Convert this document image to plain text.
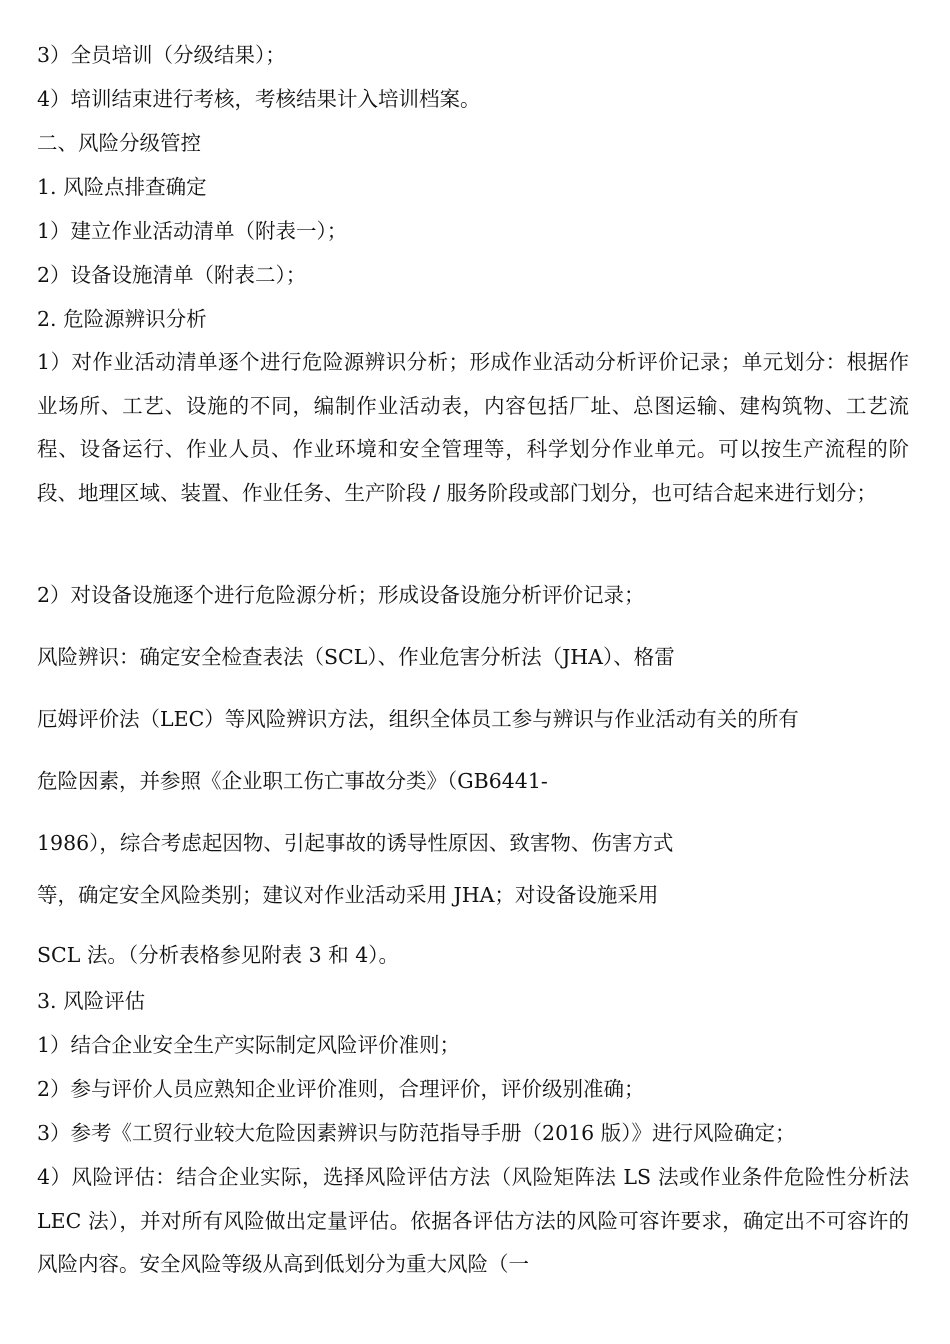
3）全员培训（分级结果）；
4）培训结束进行考核，考核结果计入培训档案。
二、风险分级管控
1. 风险点排查确定
1）建立作业活动清单（附表一）；
2）设备设施清单（附表二）；
2. 危险源辨识分析
1）对作业活动清单逐个进行危险源辨识分析；形成作业活动分析评价记录；单元划分：根据作业场所、工艺、设施的不同，编制作业活动表，内容包括厂址、总图运输、建构筑物、工艺流程、设备运行、作业人员、作业环境和安全管理等，科学划分作业单元。可以按生产流程的阶段、地理区域、装置、作业任务、生产阶段 / 服务阶段或部门划分，也可结合起来进行划分；
2）对设备设施逐个进行危险源分析；形成设备设施分析评价记录；
风险辨识：确定安全检查表法（SCL）、作业危害分析法（JHA）、格雷
厄姆评价法（LEC）等风险辨识方法，组织全体员工参与辨识与作业活动有关的所有
危险因素，并参照《企业职工伤亡事故分类》（GB6441-
1986），综合考虑起因物、引起事故的诱导性原因、致害物、伤害方式
等，确定安全风险类别；建议对作业活动采用 JHA；对设备设施采用
SCL 法。（分析表格参见附表 3 和 4）。
3. 风险评估
1）结合企业安全生产实际制定风险评价准则；
2）参与评价人员应熟知企业评价准则，合理评价，评价级别准确；
3）参考《工贸行业较大危险因素辨识与防范指导手册（2016 版）》进行风险确定；
4）风险评估：结合企业实际，选择风险评估方法（风险矩阵法 LS 法或作业条件危险性分析法 LEC 法），并对所有风险做出定量评估。依据各评估方法的风险可容许要求，确定出不可容许的风险内容。安全风险等级从高到低划分为重大风险（一
